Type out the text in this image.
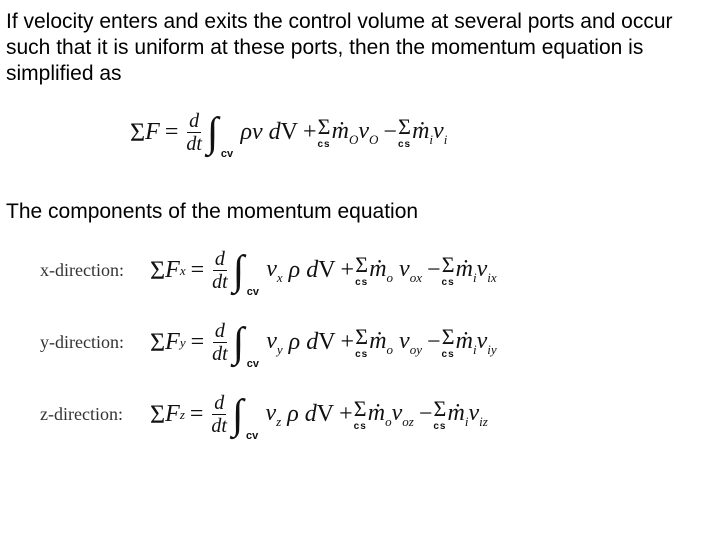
If velocity enters and exits the control volume at several ports and occur such that it is uniform at these ports, then the momentum equation is simplified as
Σ $F = \frac{d}{dt}$ ∫ cv
ρv
d V + Σ
cs
$ṁ_Ov_O - \Sigma$
cs
$ṁ_iv_i$
The components of the momentum equation
x-direction:	Σ F $x = \frac{d}{dt}$ ∫ cv
$v_x$
ρ
d V + Σ
cs
ṁ$_o$
$v_{ox} - \Sigma$
cs
$ṁ_iv_{ix}$
y-direction:	Σ F $y = \frac{d}{dt}$ ∫ cv
$v_y$
ρ
d V + Σ
cs
ṁ$_o$
$v_{oy} - \Sigma$
cs
$ṁ_iv_{iy}$
z-direction:	Σ F $z = \frac{d}{dt}$ ∫ cv
$v_z$
ρ
d V + Σ
cs
$ṁ_ov_{oz} - \Sigma$
cs
$ṁ_iv_{iz}$
